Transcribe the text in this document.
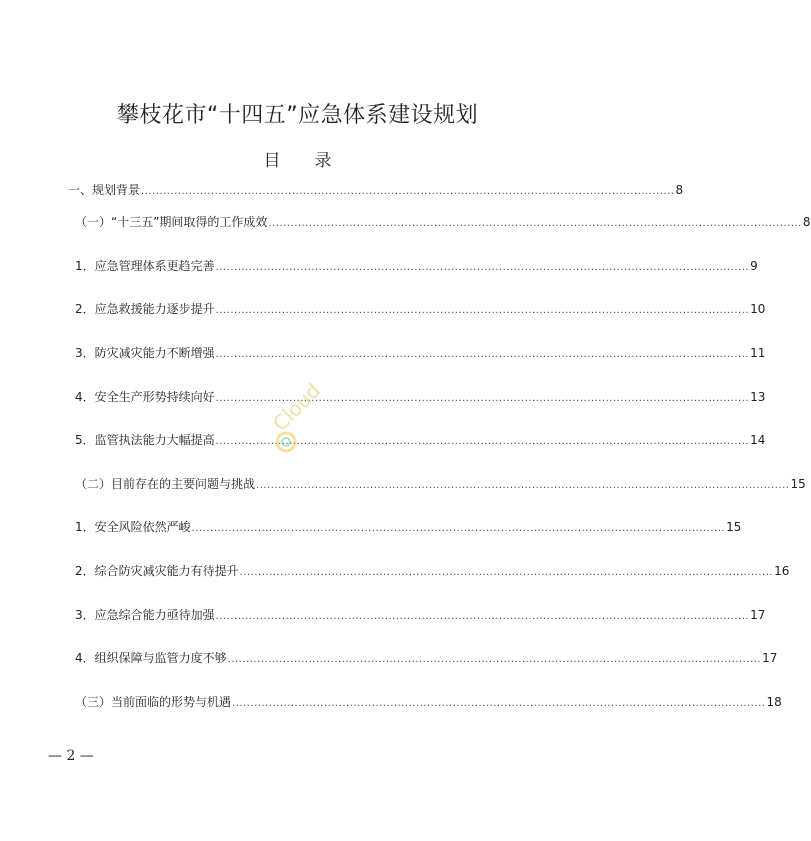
攀枝花市“十四五”应急体系建设规划
目 录
一、规划背景 ................................................................................................................................................. 8
（一）“十三五”期间取得的工作成效 ................................................................................................................................................. 8
1．应急管理体系更趋完善 ................................................................................................................................................. 9
2．应急救援能力逐步提升 ................................................................................................................................................. 10
3．防灾减灾能力不断增强 ................................................................................................................................................. 11
4．安全生产形势持续向好 ................................................................................................................................................. 13
5．监管执法能力大幅提高 ................................................................................................................................................. 14
（二）目前存在的主要问题与挑战 ................................................................................................................................................. 15
1．安全风险依然严峻 ................................................................................................................................................. 15
2．综合防灾减灾能力有待提升 ................................................................................................................................................. 16
3．应急综合能力亟待加强 ................................................................................................................................................. 17
4．组织保障与监管力度不够 ................................................................................................................................................. 17
（三）当前面临的形势与机遇 ................................................................................................................................................. 18
Cloud
— 2 —
